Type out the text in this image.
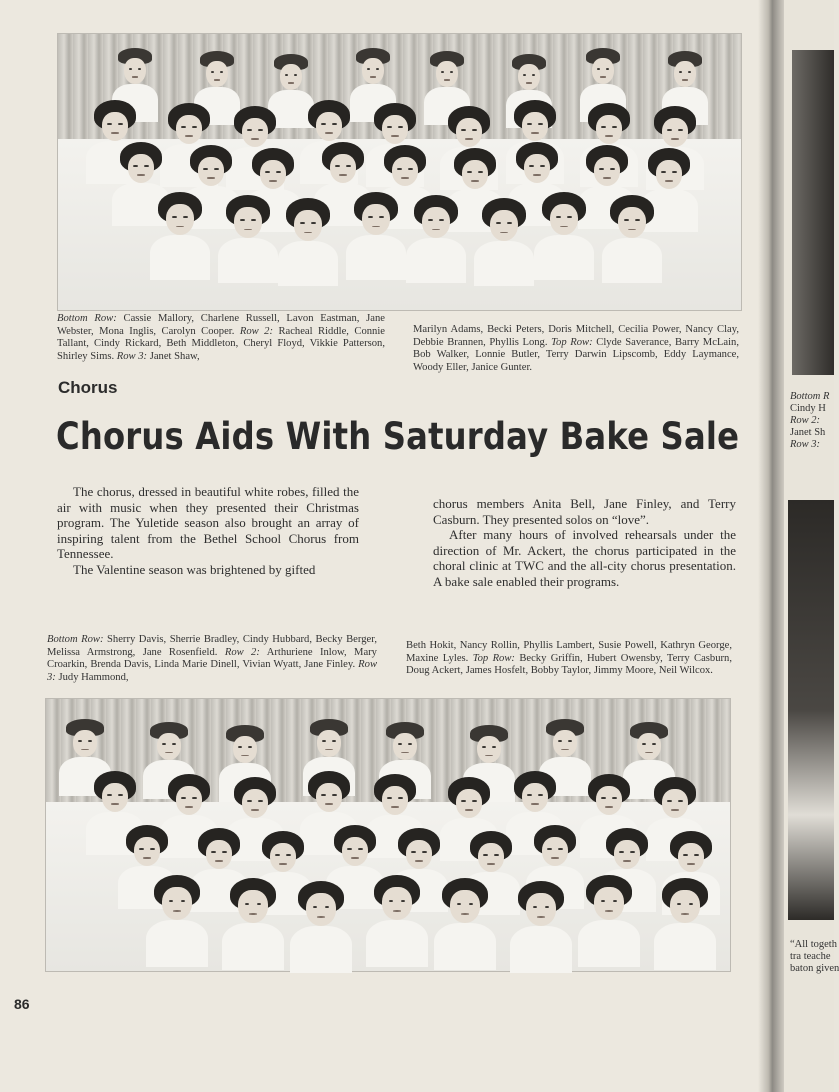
Bottom Row: Cassie Mallory, Charlene Russell, Lavon Eastman, Jane Webster, Mona Inglis, Carolyn Cooper. Row 2: Racheal Riddle, Connie Tallant, Cindy Rickard, Beth Middleton, Cheryl Floyd, Vikkie Patterson, Shirley Sims. Row 3: Janet Shaw,
Marilyn Adams, Becki Peters, Doris Mitchell, Cecilia Power, Nancy Clay, Debbie Brannen, Phyllis Long. Top Row: Clyde Saverance, Barry McLain, Bob Walker, Lonnie Butler, Terry Darwin Lipscomb, Eddy Laymance, Woody Eller, Janice Gunter.
Chorus
Chorus Aids With Saturday Bake Sale

The chorus, dressed in beautiful white robes, filled the air with music when they presented their Christmas program. The Yuletide season also brought an array of inspiring talent from the Bethel School Chorus from Tennessee.

The Valentine season was brightened by gifted

chorus members Anita Bell, Jane Finley, and Terry Casburn. They presented solos on “love”.

After many hours of involved rehearsals under the direction of Mr. Ackert, the chorus participated in the choral clinic at TWC and the all-city chorus presentation. A bake sale enabled their programs.

Bottom Row: Sherry Davis, Sherrie Bradley, Cindy Hubbard, Becky Berger, Melissa Armstrong, Jane Rosenfield. Row 2: Arthuriene Inlow, Mary Croarkin, Brenda Davis, Linda Marie Dinell, Vivian Wyatt, Jane Finley. Row 3: Judy Hammond,
Beth Hokit, Nancy Rollin, Phyllis Lambert, Susie Powell, Kathryn George, Maxine Lyles. Top Row: Becky Griffin, Hubert Owensby, Terry Casburn, Doug Ackert, James Hosfelt, Bobby Taylor, Jimmy Moore, Neil Wilcox.
86
Bottom R
Cindy H
Row 2:
Janet Sh
Row 3:
“All togeth
tra teache
baton given
